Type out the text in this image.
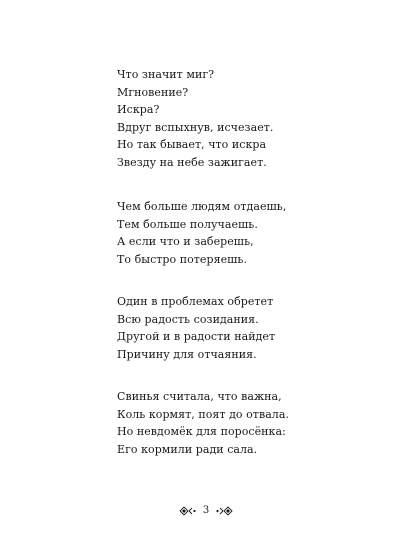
Что значит миг?
Мгновение?
Искра?
Вдруг вспыхнув, исчезает.
Но так бывает, что искра
Звезду на небе зажигает.
Чем больше людям отдаешь,
Тем больше получаешь.
А если что и заберешь,
То быстро потеряешь.
Один в проблемах обретет
Всю радость созидания.
Другой и в радости найдет
Причину для отчаяния.
Свинья считала, что важна,
Коль кормят, поят до отвала.
Но невдомёк для поросёнка:
Его кормили ради сала.
3
